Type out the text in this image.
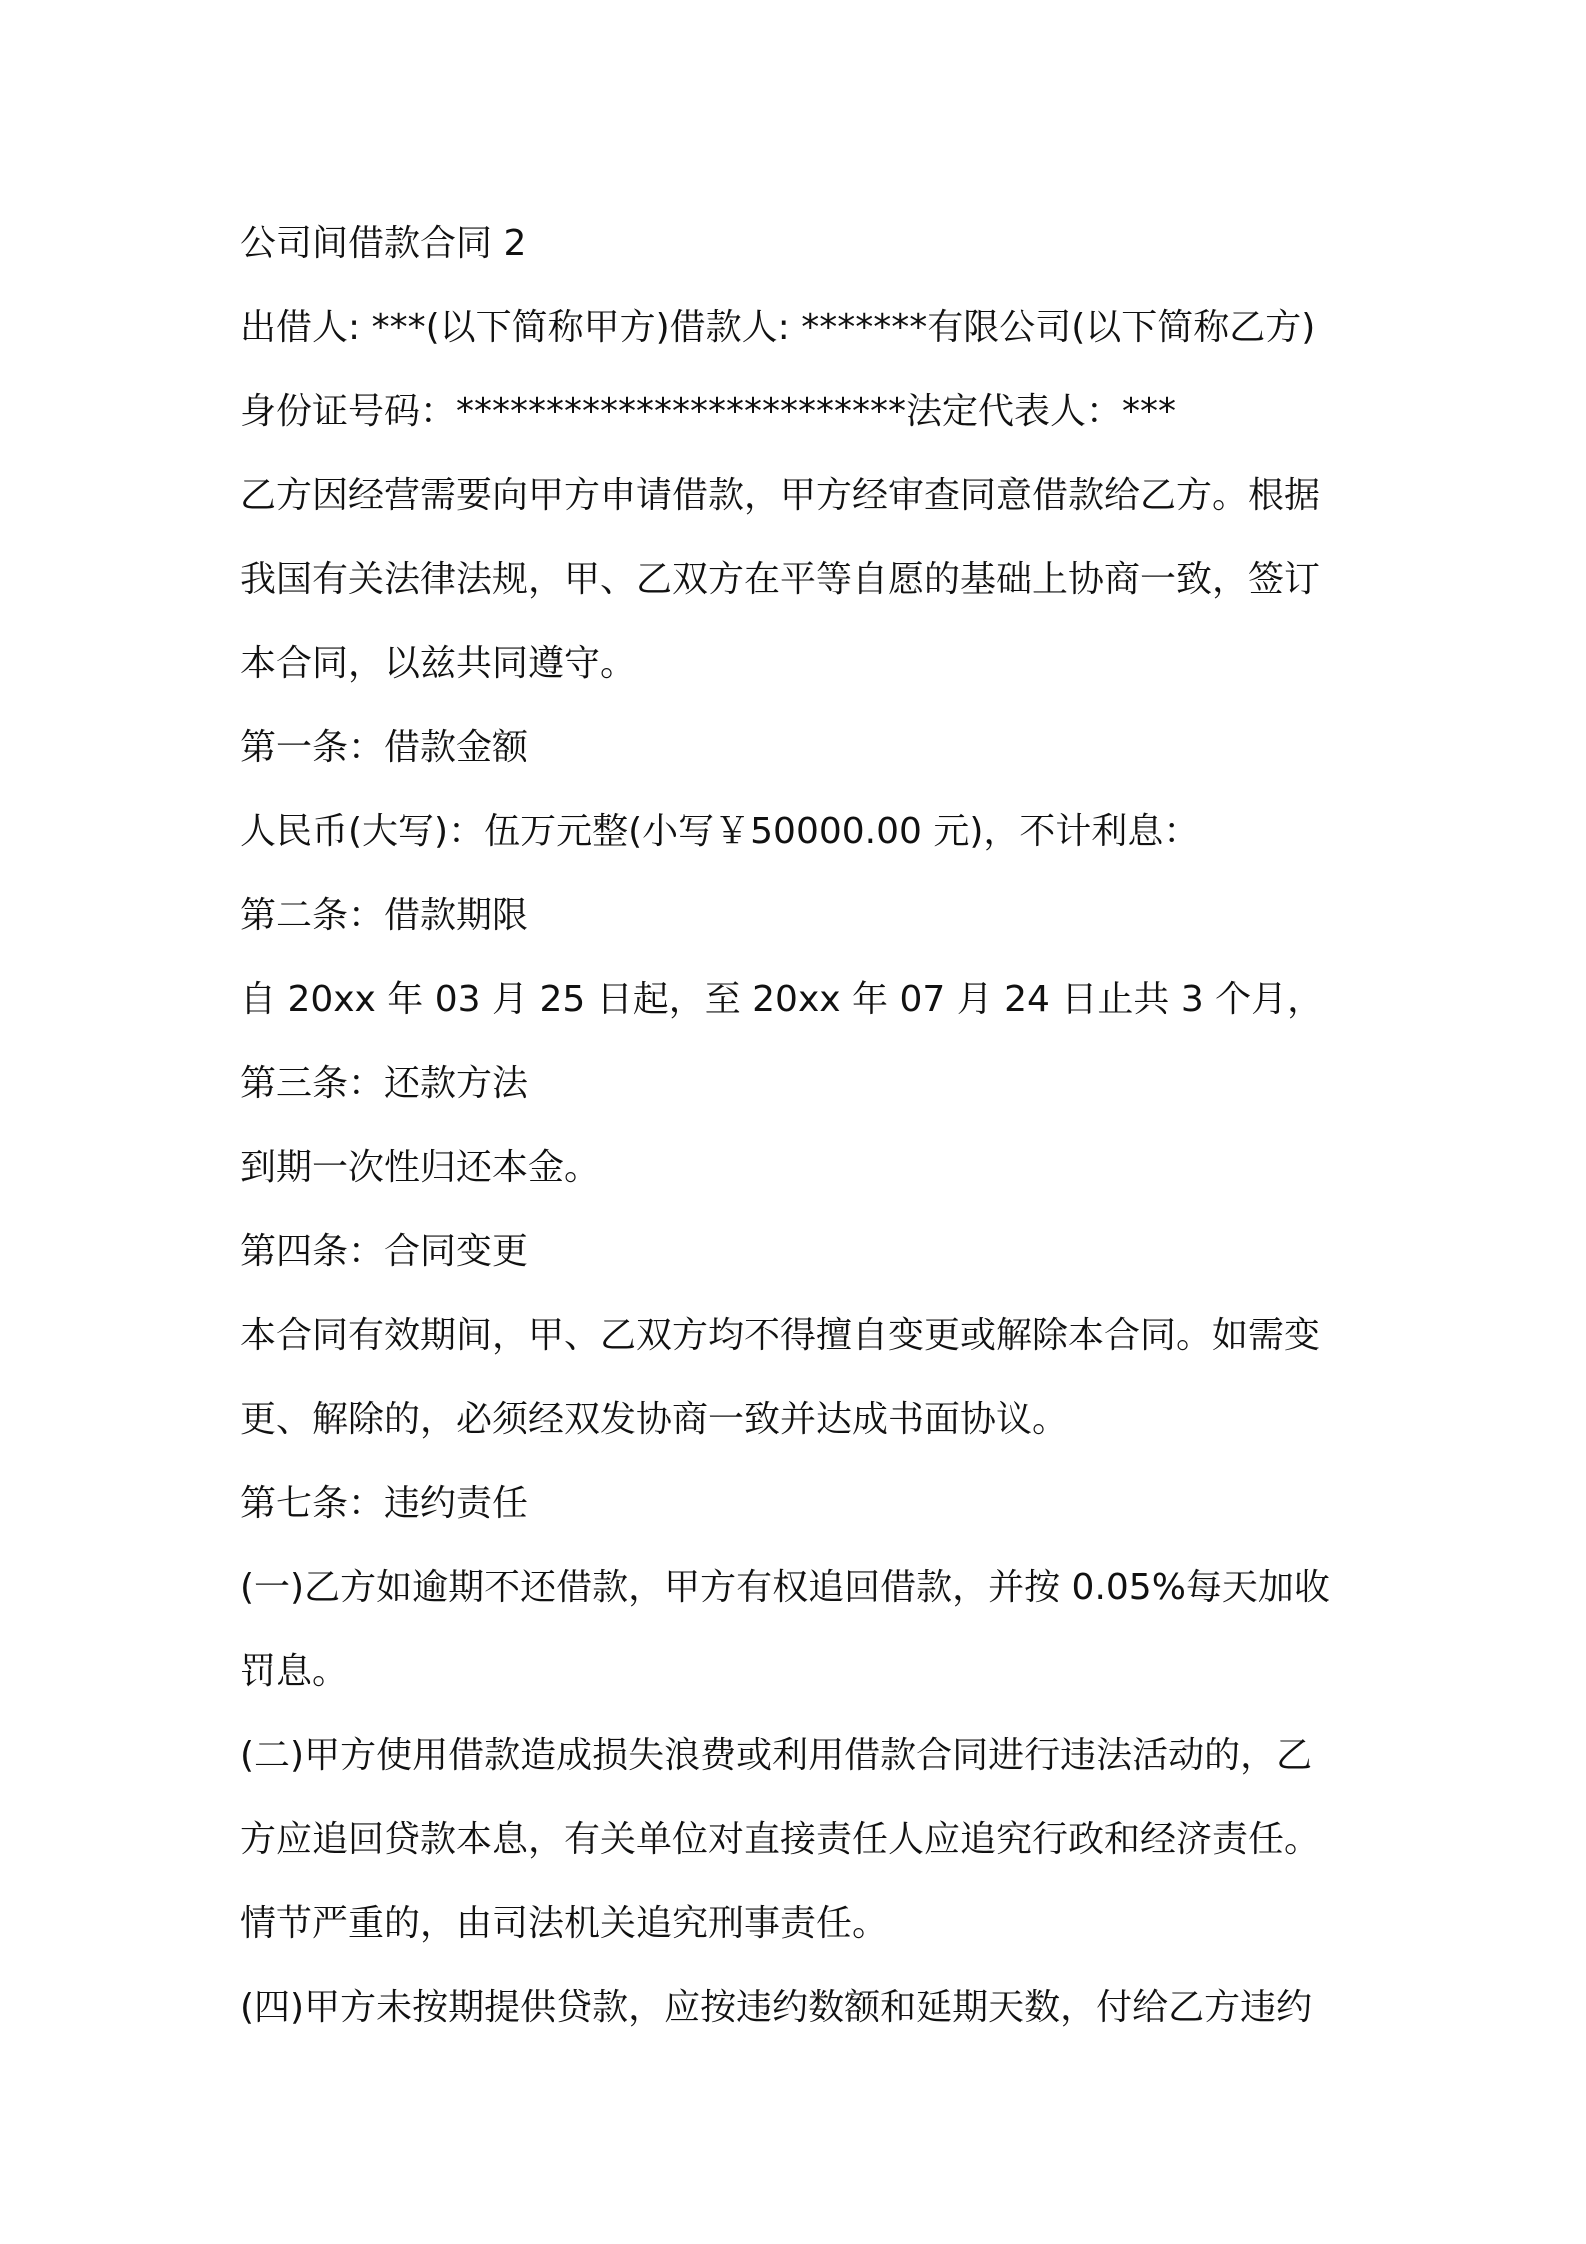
公司间借款合同 2
出借人: ***(以下简称甲方)借款人: *******有限公司(以下简称乙方)
身份证号码：*************************法定代表人：***
乙方因经营需要向甲方申请借款，甲方经审查同意借款给乙方。根据
我国有关法律法规，甲、乙双方在平等自愿的基础上协商一致，签订
本合同，以兹共同遵守。
第一条：借款金额
人民币(大写)：伍万元整(小写￥50000.00 元)，不计利息：
第二条：借款期限
自 20xx 年 03 月 25 日起，至 20xx 年 07 月 24 日止共 3 个月，
第三条：还款方法
到期一次性归还本金。
第四条：合同变更
本合同有效期间，甲、乙双方均不得擅自变更或解除本合同。如需变
更、解除的，必须经双发协商一致并达成书面协议。
第七条：违约责任
(一)乙方如逾期不还借款，甲方有权追回借款，并按 0.05%每天加收
罚息。
(二)甲方使用借款造成损失浪费或利用借款合同进行违法活动的，乙
方应追回贷款本息，有关单位对直接责任人应追究行政和经济责任。
情节严重的，由司法机关追究刑事责任。
(四)甲方未按期提供贷款，应按违约数额和延期天数，付给乙方违约
